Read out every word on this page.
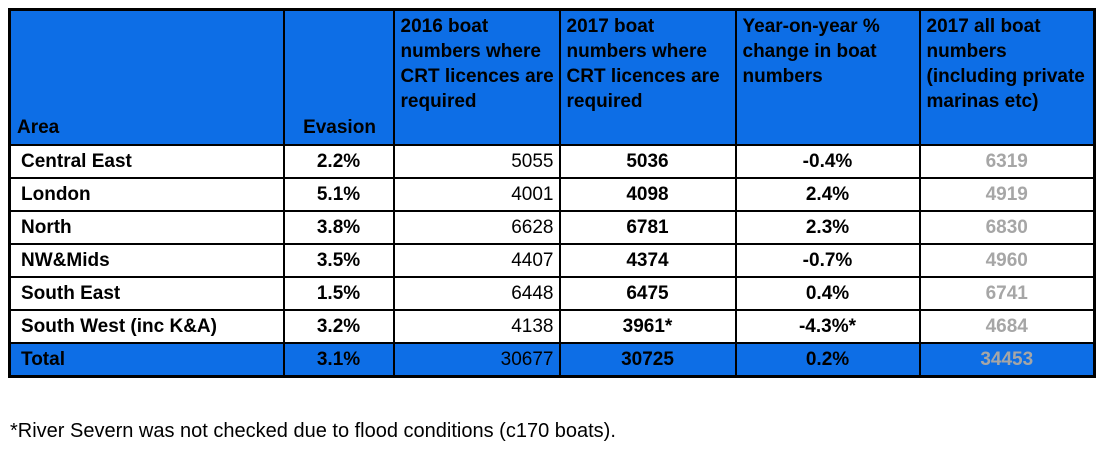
Area	Evasion	2016 boat numbers where CRT licences are required	2017 boat numbers where CRT licences are required	Year-on-year % change in boat numbers	2017 all boat numbers (including private marinas etc)
Central East	2.2%	5055	5036	-0.4%	6319
London	5.1%	4001	4098	2.4%	4919
North	3.8%	6628	6781	2.3%	6830
NW&Mids	3.5%	4407	4374	-0.7%	4960
South East	1.5%	6448	6475	0.4%	6741
South West (inc K&A)	3.2%	4138	3961*	-4.3%*	4684
Total	3.1%	30677	30725	0.2%	34453
*River Severn was not checked due to flood conditions (c170 boats).
